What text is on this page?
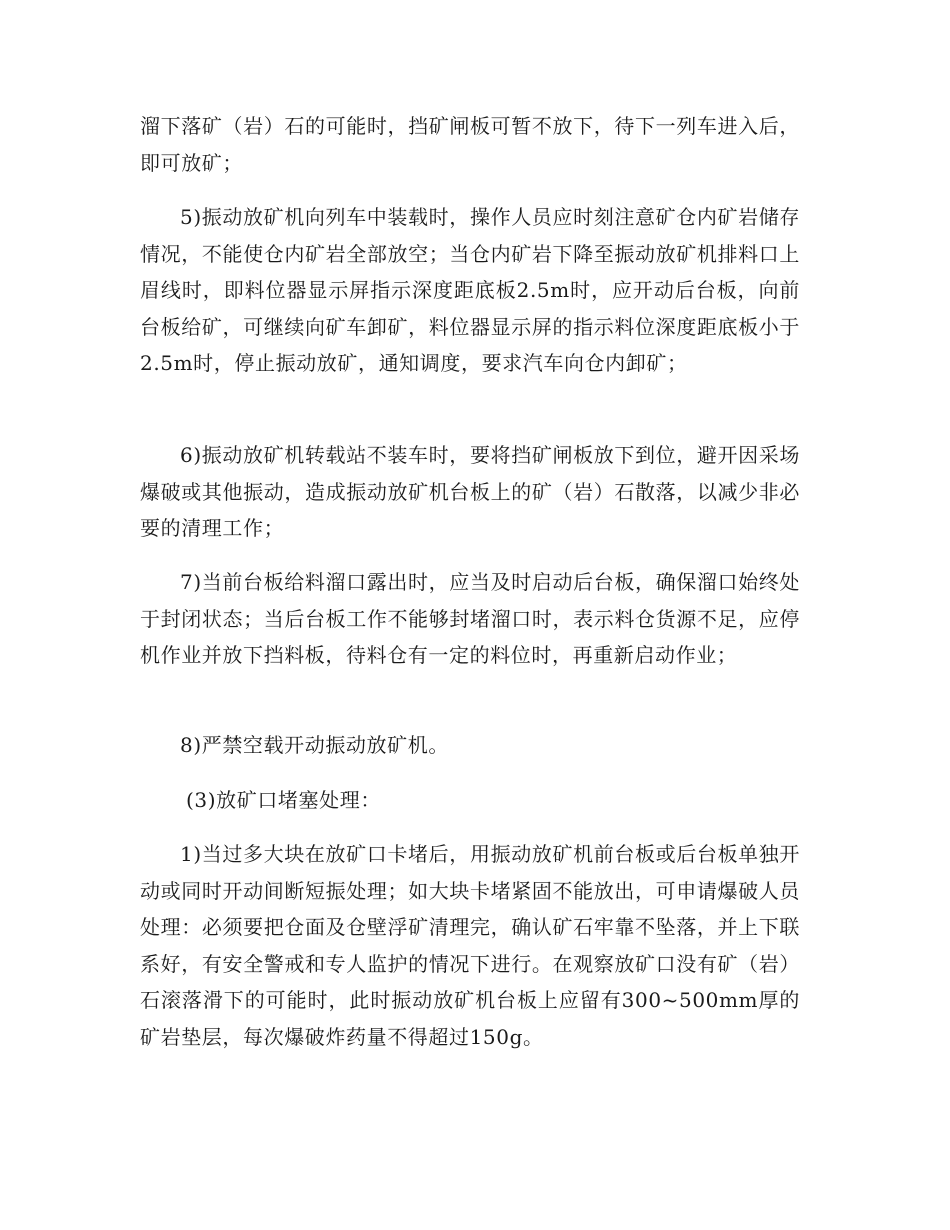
溜下落矿（岩）石的可能时，挡矿闸板可暂不放下，待下一列车进入后，即可放矿；

5)振动放矿机向列车中装载时，操作人员应时刻注意矿仓内矿岩储存情况，不能使仓内矿岩全部放空；当仓内矿岩下降至振动放矿机排料口上眉线时，即料位器显示屏指示深度距底板2.5m时，应开动后台板，向前台板给矿，可继续向矿车卸矿，料位器显示屏的指示料位深度距底板小于2.5m时，停止振动放矿，通知调度，要求汽车向仓内卸矿；

6)振动放矿机转载站不装车时，要将挡矿闸板放下到位，避开因采场爆破或其他振动，造成振动放矿机台板上的矿（岩）石散落，以减少非必要的清理工作；

7)当前台板给料溜口露出时，应当及时启动后台板，确保溜口始终处于封闭状态；当后台板工作不能够封堵溜口时，表示料仓货源不足，应停机作业并放下挡料板，待料仓有一定的料位时，再重新启动作业；

8)严禁空载开动振动放矿机。

(3)放矿口堵塞处理：

1)当过多大块在放矿口卡堵后，用振动放矿机前台板或后台板单独开动或同时开动间断短振处理；如大块卡堵紧固不能放出，可申请爆破人员处理：必须要把仓面及仓壁浮矿清理完，确认矿石牢靠不坠落，并上下联系好，有安全警戒和专人监护的情况下进行。在观察放矿口没有矿（岩）石滚落滑下的可能时，此时振动放矿机台板上应留有300~500mm厚的矿岩垫层，每次爆破炸药量不得超过150g。
